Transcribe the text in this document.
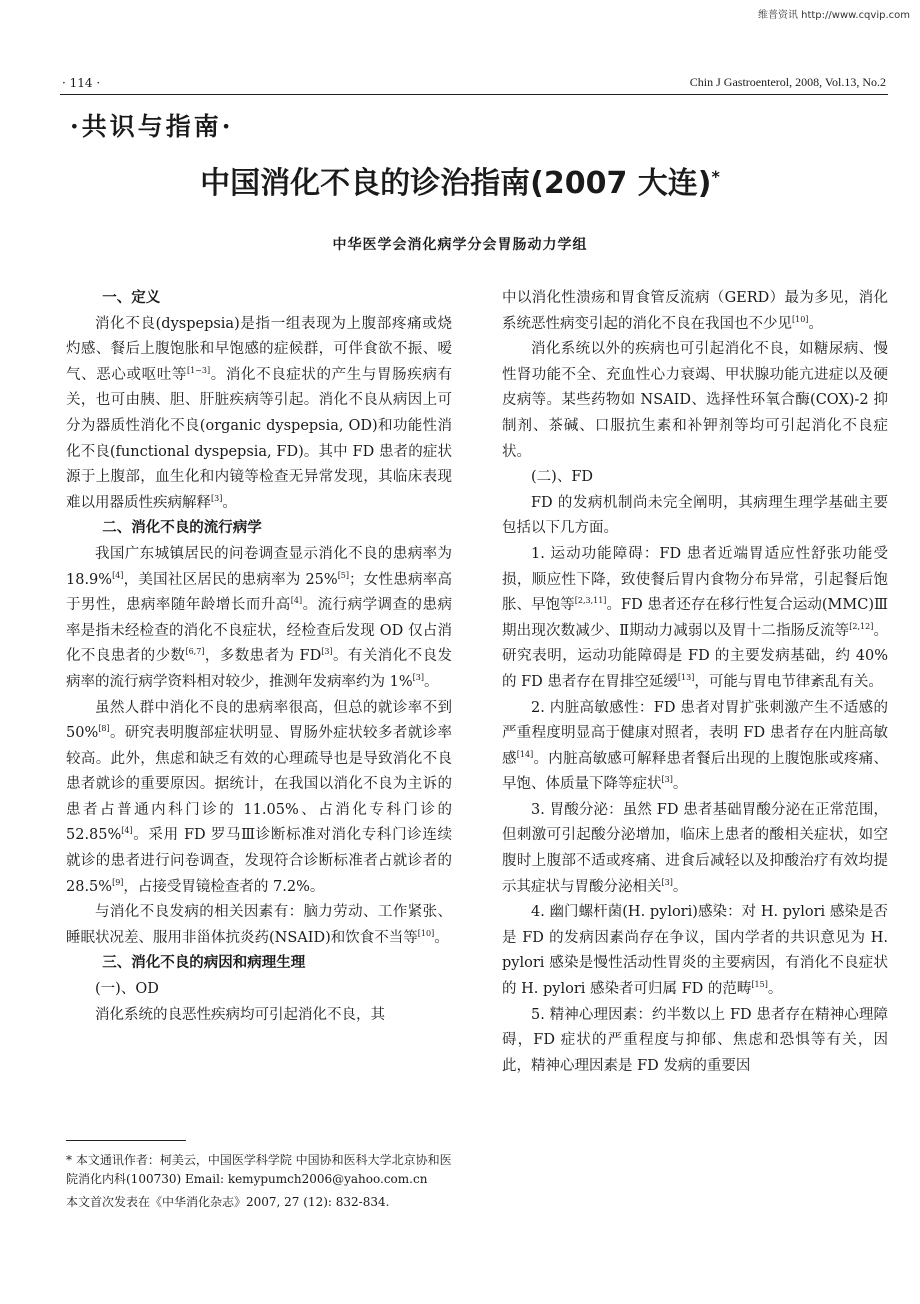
维普资讯 http://www.cqvip.com
· 114 ·	Chin J Gastroenterol, 2008, Vol.13, No.2
·共识与指南·
中国消化不良的诊治指南(2007 大连)*
中华医学会消化病学分会胃肠动力学组
一、定义

消化不良(dyspepsia)是指一组表现为上腹部疼痛或烧灼感、餐后上腹饱胀和早饱感的症候群，可伴食欲不振、嗳气、恶心或呕吐等[1~3]。消化不良症状的产生与胃肠疾病有关，也可由胰、胆、肝脏疾病等引起。消化不良从病因上可分为器质性消化不良(organic dyspepsia, OD)和功能性消化不良(functional dyspepsia, FD)。其中 FD 患者的症状源于上腹部，血生化和内镜等检查无异常发现，其临床表现难以用器质性疾病解释[3]。

二、消化不良的流行病学

我国广东城镇居民的问卷调查显示消化不良的患病率为 18.9%[4]，美国社区居民的患病率为 25%[5]；女性患病率高于男性，患病率随年龄增长而升高[4]。流行病学调查的患病率是指未经检查的消化不良症状，经检查后发现 OD 仅占消化不良患者的少数[6,7]，多数患者为 FD[3]。有关消化不良发病率的流行病学资料相对较少，推测年发病率约为 1%[3]。

虽然人群中消化不良的患病率很高，但总的就诊率不到 50%[8]。研究表明腹部症状明显、胃肠外症状较多者就诊率较高。此外，焦虑和缺乏有效的心理疏导也是导致消化不良患者就诊的重要原因。据统计，在我国以消化不良为主诉的患者占普通内科门诊的 11.05%、占消化专科门诊的 52.85%[4]。采用 FD 罗马Ⅲ诊断标准对消化专科门诊连续就诊的患者进行问卷调查，发现符合诊断标准者占就诊者的 28.5%[9]，占接受胃镜检查者的 7.2%。

与消化不良发病的相关因素有：脑力劳动、工作紧张、睡眠状况差、服用非甾体抗炎药(NSAID)和饮食不当等[10]。

三、消化不良的病因和病理生理

(一)、OD

消化系统的良恶性疾病均可引起消化不良，其

中以消化性溃疡和胃食管反流病（GERD）最为多见，消化系统恶性病变引起的消化不良在我国也不少见[10]。

消化系统以外的疾病也可引起消化不良，如糖尿病、慢性肾功能不全、充血性心力衰竭、甲状腺功能亢进症以及硬皮病等。某些药物如 NSAID、选择性环氧合酶(COX)-2 抑制剂、茶碱、口服抗生素和补钾剂等均可引起消化不良症状。

(二)、FD

FD 的发病机制尚未完全阐明，其病理生理学基础主要包括以下几方面。

1. 运动功能障碍：FD 患者近端胃适应性舒张功能受损，顺应性下降，致使餐后胃内食物分布异常，引起餐后饱胀、早饱等[2,3,11]。FD 患者还存在移行性复合运动(MMC)Ⅲ期出现次数减少、Ⅱ期动力减弱以及胃十二指肠反流等[2,12]。研究表明，运动功能障碍是 FD 的主要发病基础，约 40%的 FD 患者存在胃排空延缓[13]，可能与胃电节律紊乱有关。

2. 内脏高敏感性：FD 患者对胃扩张刺激产生不适感的严重程度明显高于健康对照者，表明 FD 患者存在内脏高敏感[14]。内脏高敏感可解释患者餐后出现的上腹饱胀或疼痛、早饱、体质量下降等症状[3]。

3. 胃酸分泌：虽然 FD 患者基础胃酸分泌在正常范围，但刺激可引起酸分泌增加，临床上患者的酸相关症状，如空腹时上腹部不适或疼痛、进食后减轻以及抑酸治疗有效均提示其症状与胃酸分泌相关[3]。

4. 幽门螺杆菌(H. pylori)感染：对 H. pylori 感染是否是 FD 的发病因素尚存在争议，国内学者的共识意见为 H. pylori 感染是慢性活动性胃炎的主要病因，有消化不良症状的 H. pylori 感染者可归属 FD 的范畴[15]。

5. 精神心理因素：约半数以上 FD 患者存在精神心理障碍，FD 症状的严重程度与抑郁、焦虑和恐惧等有关，因此，精神心理因素是 FD 发病的重要因

* 本文通讯作者：柯美云，中国医学科学院 中国协和医科大学北京协和医院消化内科(100730) Email: kemypumch2006@yahoo.com.cn

本文首次发表在《中华消化杂志》2007, 27 (12): 832-834.
